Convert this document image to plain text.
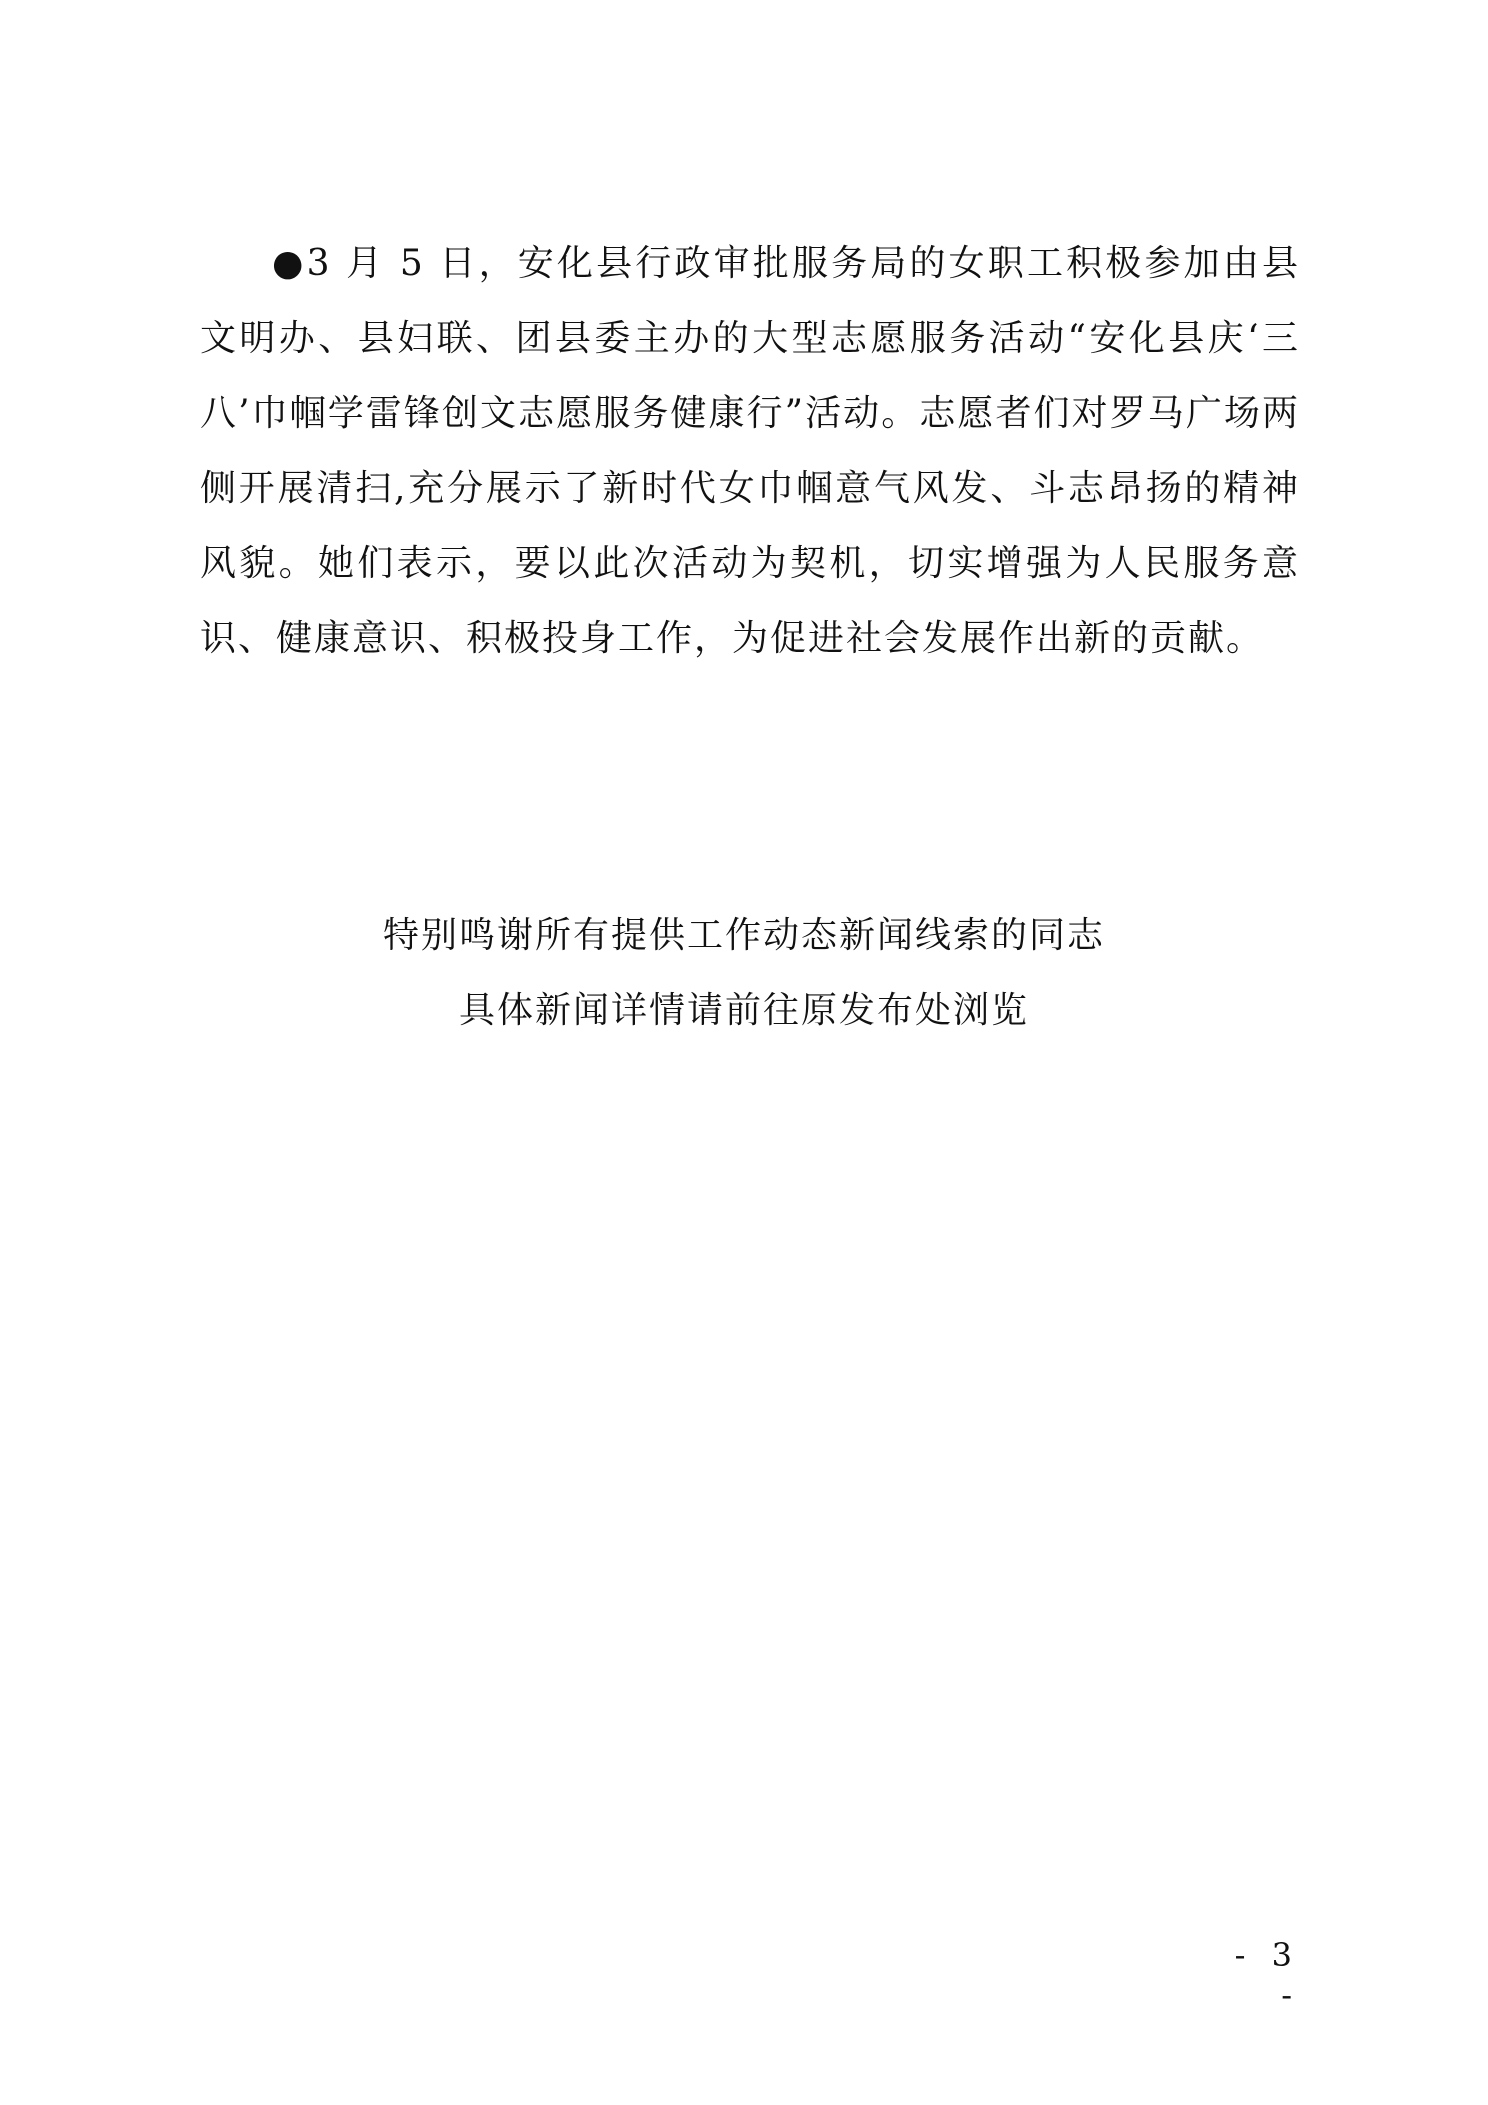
●3 月 5 日，安化县行政审批服务局的女职工积极参加由县文明办、县妇联、团县委主办的大型志愿服务活动“安化县庆‘三八’巾帼学雷锋创文志愿服务健康行”活动。志愿者们对罗马广场两侧开展清扫,充分展示了新时代女巾帼意气风发、斗志昂扬的精神风貌。她们表示，要以此次活动为契机，切实增强为人民服务意识、健康意识、积极投身工作，为促进社会发展作出新的贡献。

特别鸣谢所有提供工作动态新闻线索的同志

具体新闻详情请前往原发布处浏览

- 3 -
